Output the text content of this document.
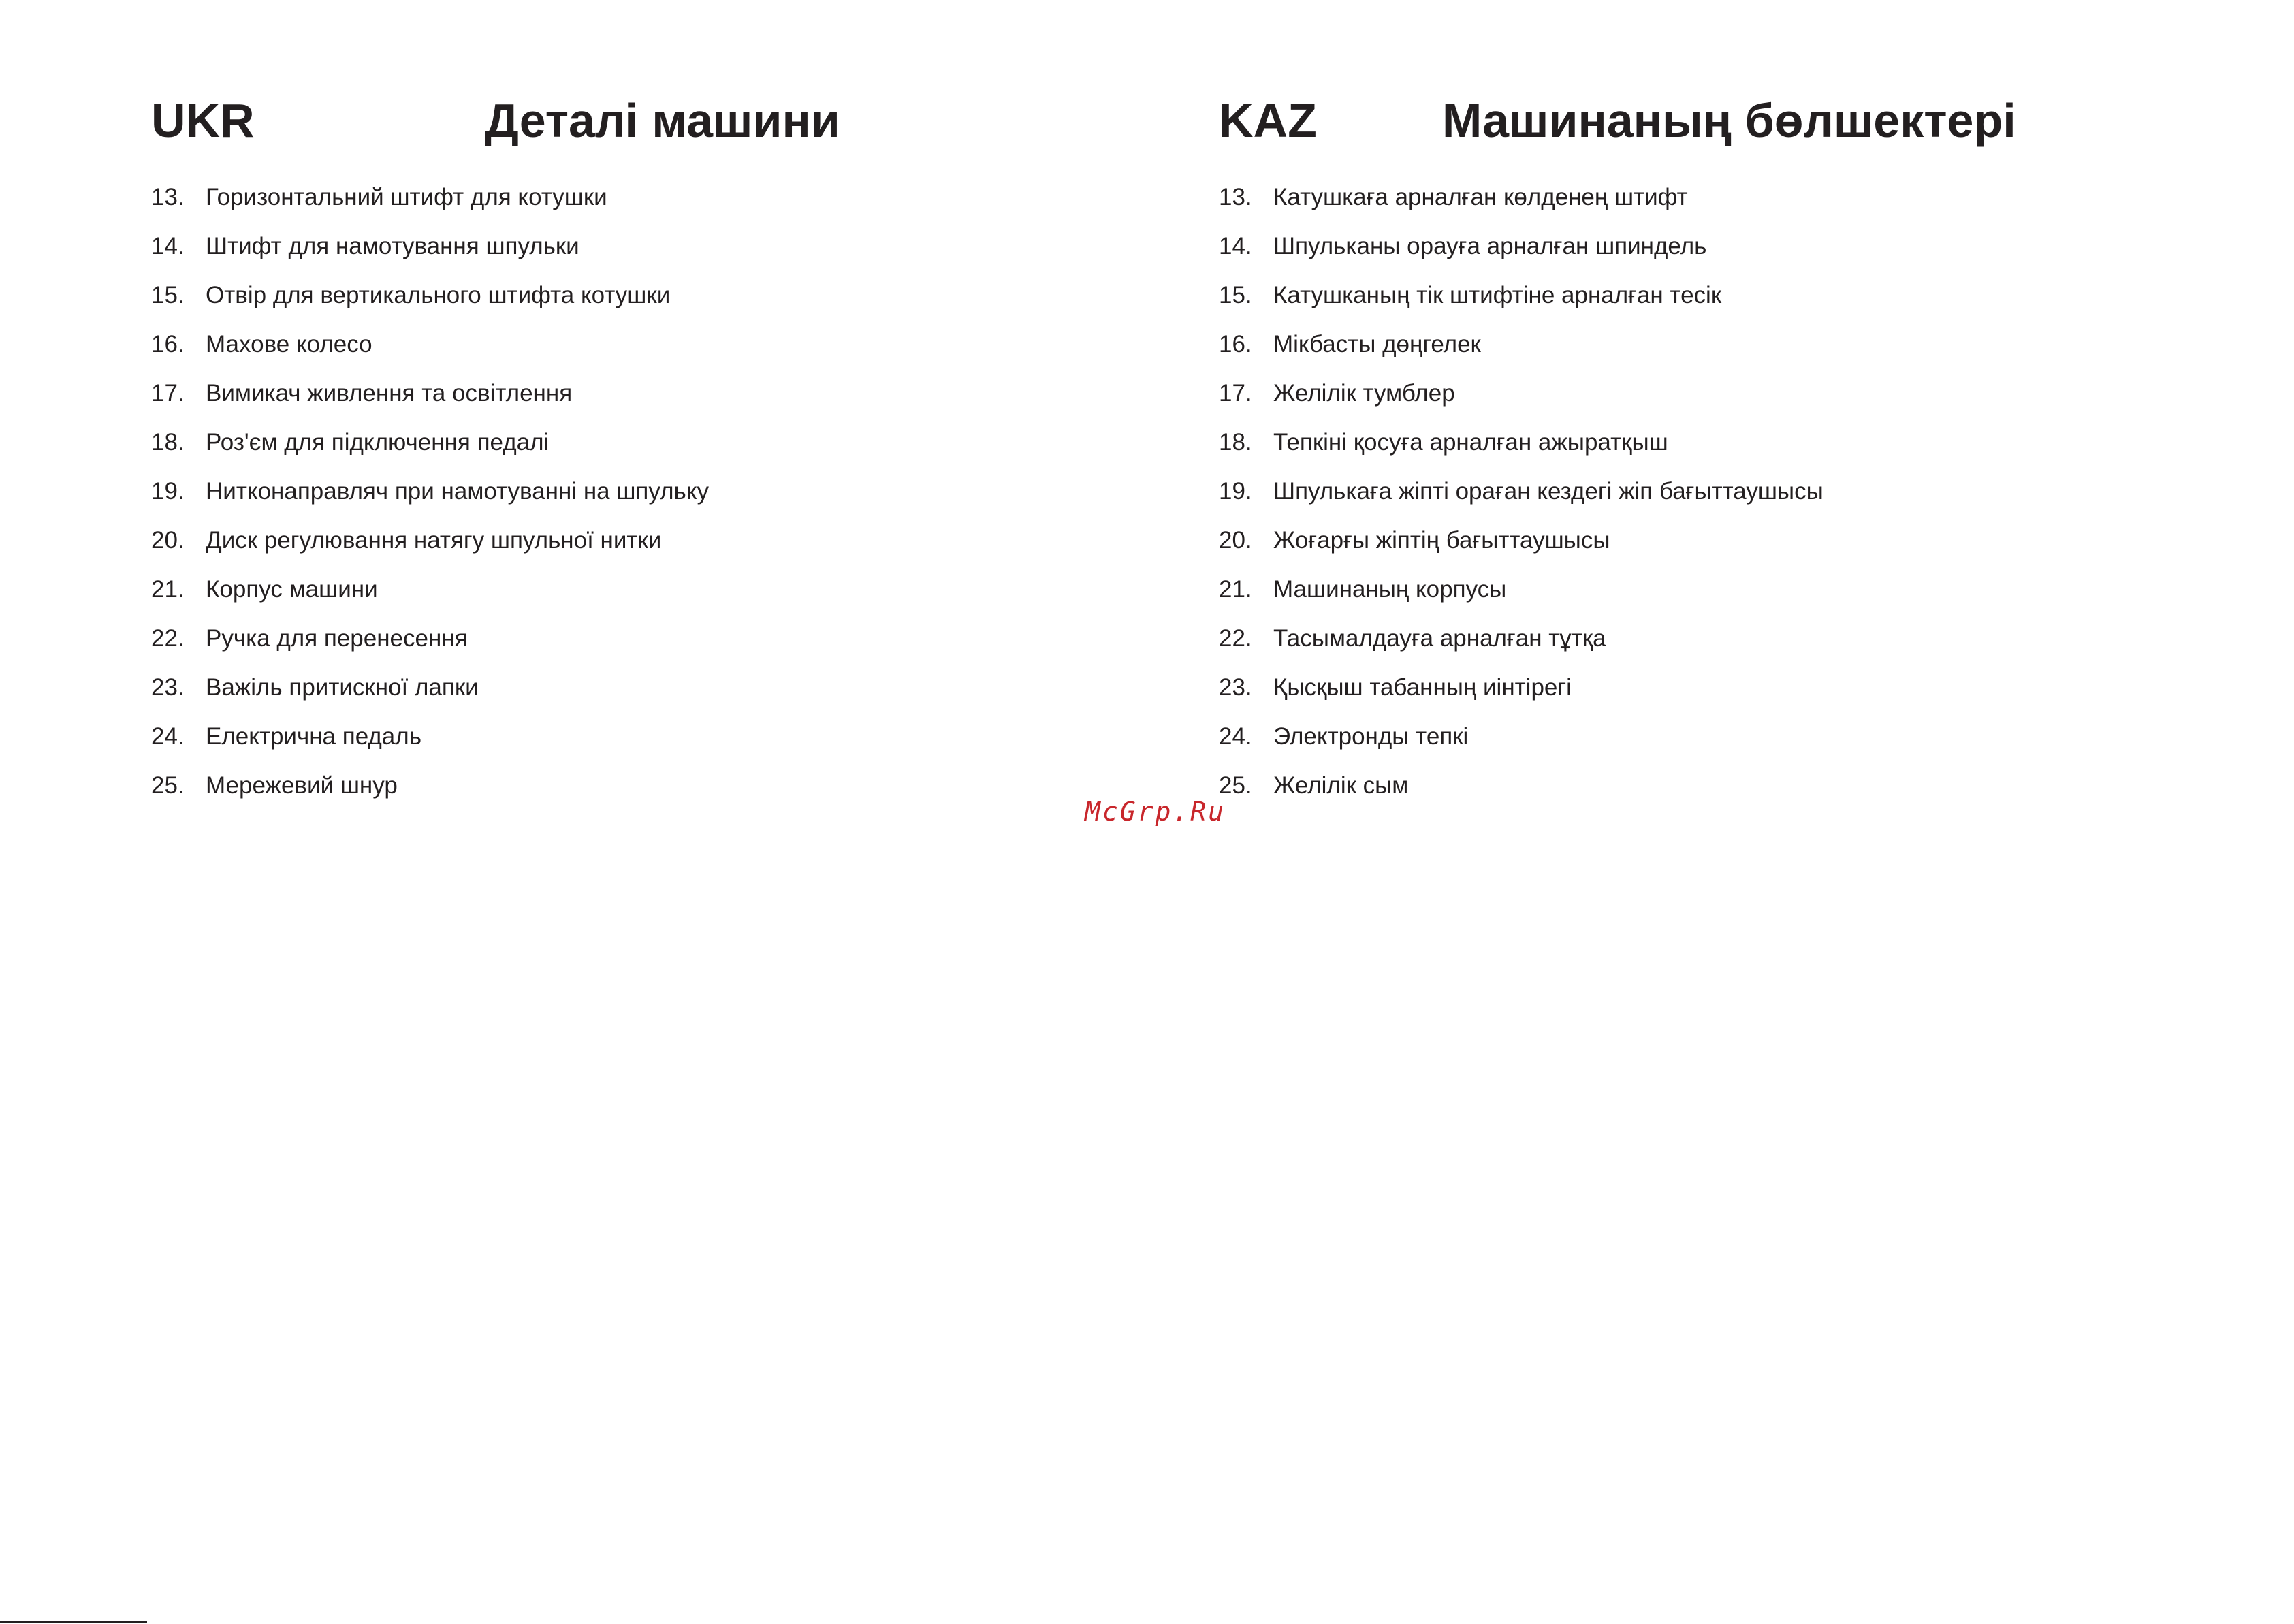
UKR	Деталі машини
13. Горизонтальний штифт для котушки
14. Штифт для намотування шпульки
15. Отвір для вертикального штифта котушки
16. Махове колесо
17. Вимикач живлення та освітлення
18. Роз'єм для підключення педалі
19. Нитконаправляч при намотуванні на шпульку
20. Диск регулювання натягу шпульної нитки
21. Корпус машини
22. Ручка для перенесення
23. Важіль притискної лапки
24. Електрична педаль
25. Мережевий шнур
KAZ	Машинаның бөлшектері
13. Катушкаға арналған көлденең штифт
14. Шпульканы орауға арналған шпиндель
15. Катушканың тік штифтіне арналған тесік
16. Мікбасты дөңгелек
17. Желілік тумблер
18. Тепкіні қосуға арналған ажыратқыш
19. Шпулькаға жіпті ораған кездегі жіп бағыттаушысы
20. Жоғарғы жіптің бағыттаушысы
21. Машинаның корпусы
22. Тасымалдауға арналған тұтқа
23. Қысқыш табанның иінтірегі
24. Электронды тепкі
25. Желілік сым
McGrp.Ru
